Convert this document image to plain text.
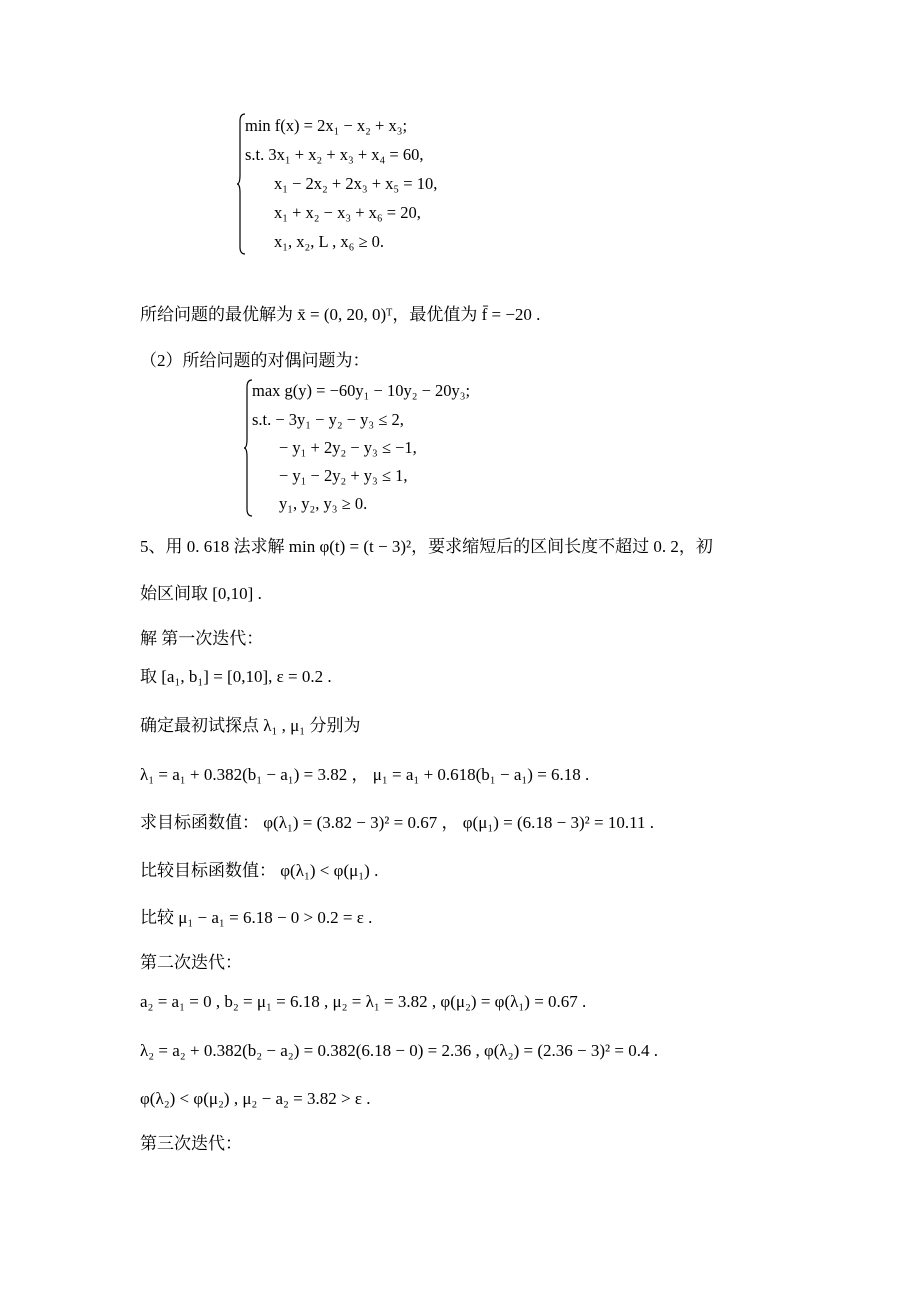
min f(x) = 2x₁ − x₂ + x₃;
s.t. 3x₁ + x₂ + x₃ + x₄ = 60,
x₁ − 2x₂ + 2x₃ + x₅ = 10,
x₁ + x₂ − x₃ + x₆ = 20,
x₁, x₂, L , x₆ ≥ 0.
所给问题的最优解为 x̄ = (0, 20, 0)ᵀ，最优值为 f̄ = −20 .
（2）所给问题的对偶问题为：
max g(y) = −60y₁ − 10y₂ − 20y₃;
s.t. − 3y₁ − y₂ − y₃ ≤ 2,
− y₁ + 2y₂ − y₃ ≤ −1,
− y₁ − 2y₂ + y₃ ≤ 1,
y₁, y₂, y₃ ≥ 0.
5、用 0. 618 法求解 min φ(t) = (t − 3)²，要求缩短后的区间长度不超过 0. 2，初
始区间取 [0,10] .
解 第一次迭代：
取 [a₁, b₁] = [0,10], ε = 0.2 .
确定最初试探点 λ₁ , μ₁ 分别为
λ₁ = a₁ + 0.382(b₁ − a₁) = 3.82 ， μ₁ = a₁ + 0.618(b₁ − a₁) = 6.18 .
求目标函数值： φ(λ₁) = (3.82 − 3)² = 0.67 ， φ(μ₁) = (6.18 − 3)² = 10.11 .
比较目标函数值： φ(λ₁) < φ(μ₁) .
比较 μ₁ − a₁ = 6.18 − 0 > 0.2 = ε .
第二次迭代：
a₂ = a₁ = 0 , b₂ = μ₁ = 6.18 , μ₂ = λ₁ = 3.82 , φ(μ₂) = φ(λ₁) = 0.67 .
λ₂ = a₂ + 0.382(b₂ − a₂) = 0.382(6.18 − 0) = 2.36 , φ(λ₂) = (2.36 − 3)² = 0.4 .
φ(λ₂) < φ(μ₂) , μ₂ − a₂ = 3.82 > ε .
第三次迭代：
